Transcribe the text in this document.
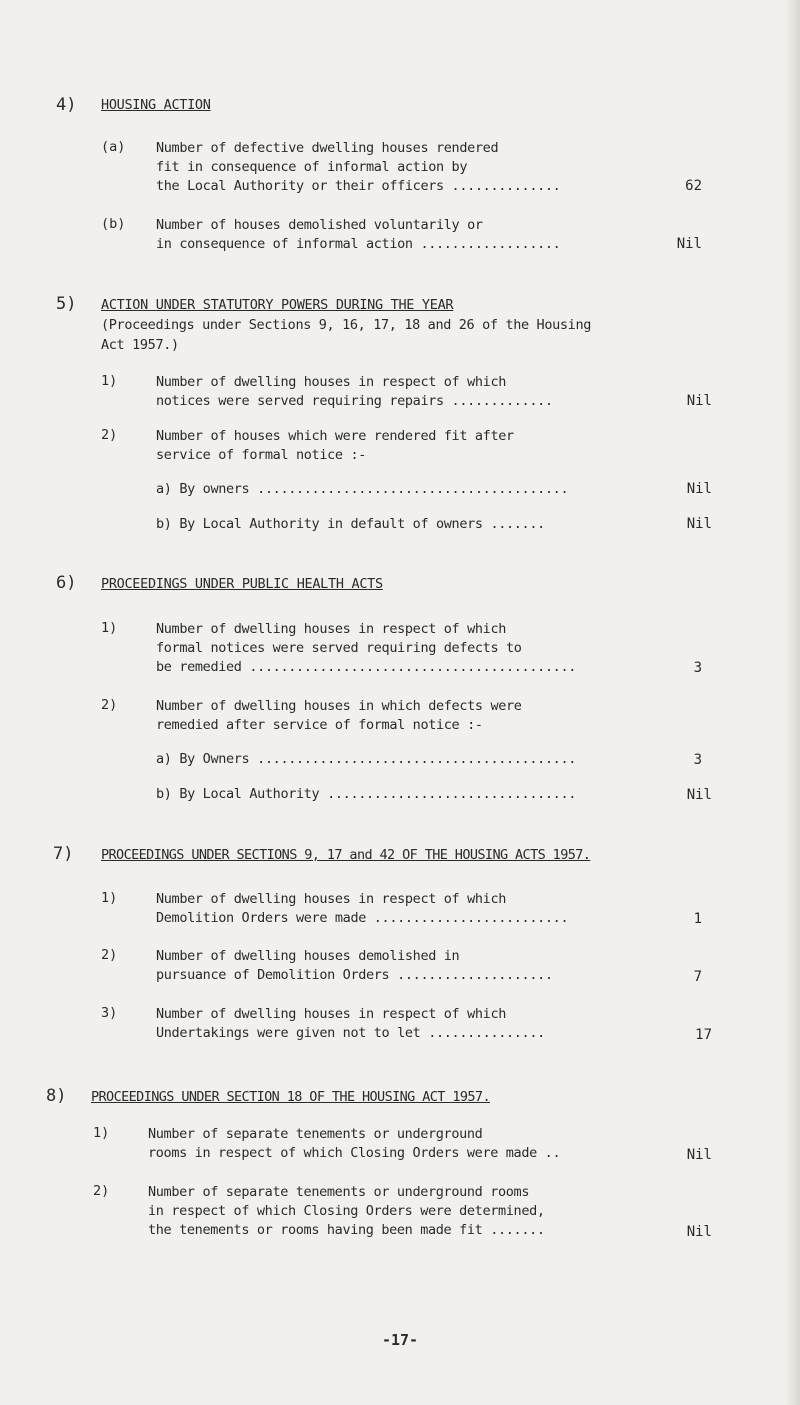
4) HOUSING ACTION
(a) Number of defective dwelling houses rendered
fit in consequence of informal action by
the Local Authority or their officers ..............	62
(b) Number of houses demolished voluntarily or
in consequence of informal action ..................	Nil
5) ACTION UNDER STATUTORY POWERS DURING THE YEAR
(Proceedings under Sections 9, 16, 17, 18 and 26 of the Housing
Act 1957.)
1)	Number of dwelling houses in respect of which
notices were served requiring repairs .............	Nil
2)	Number of houses which were rendered fit after
service of formal notice :-
a) By owners ........................................	Nil
b) By Local Authority in default of owners .......	Nil
6) PROCEEDINGS UNDER PUBLIC HEALTH ACTS
1)	Number of dwelling houses in respect of which
formal notices were served requiring defects to
be remedied ..........................................	3
2)	Number of dwelling houses in which defects were
remedied after service of formal notice :-
a) By Owners .........................................	3
b) By Local Authority ................................	Nil
7) PROCEEDINGS UNDER SECTIONS 9, 17 and 42 OF THE HOUSING ACTS 1957.
1)	Number of dwelling houses in respect of which
Demolition Orders were made .........................	1
2)	Number of dwelling houses demolished in
pursuance of Demolition Orders ....................	7
3)	Number of dwelling houses in respect of which
Undertakings were given not to let ...............	17
8) PROCEEDINGS UNDER SECTION 18 OF THE HOUSING ACT 1957.
1)	Number of separate tenements or underground
rooms in respect of which Closing Orders were made ..	Nil
2)	Number of separate tenements or underground rooms
in respect of which Closing Orders were determined,
the tenements or rooms having been made fit .......	Nil
-17-
